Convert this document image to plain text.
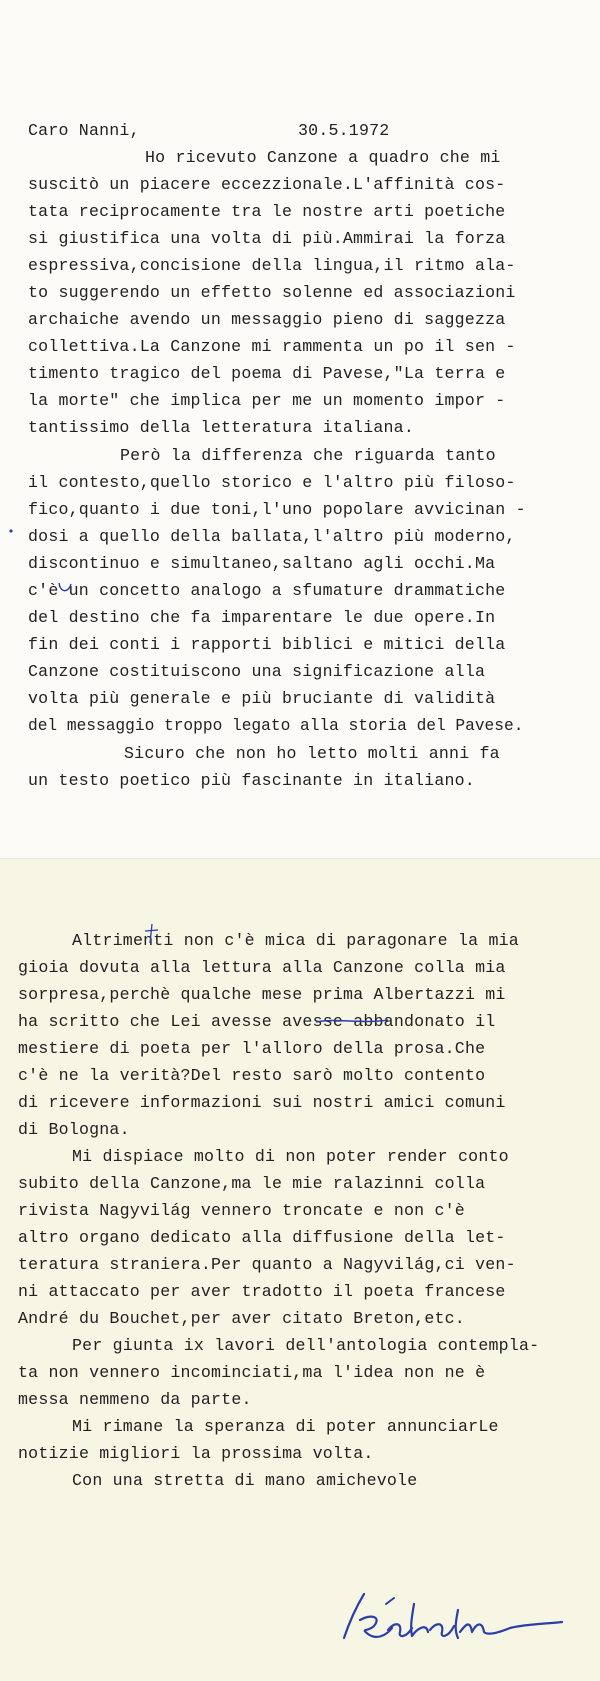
Caro Nanni,	30.5.1972
Ho ricevuto Canzone a quadro che mi
suscitò un piacere eccezzionale.L'affinità cos-
tata reciprocamente tra le nostre arti poetiche
si giustifica una volta di più.Ammirai la forza
espressiva,concisione della lingua,il ritmo ala-
to suggerendo un effetto solenne ed associazioni
archaiche avendo un messaggio pieno di saggezza
collettiva.La Canzone mi rammenta un po il sen -
timento tragico del poema di Pavese,"La terra e
la morte" che implica per me un momento impor -
tantissimo della letteratura italiana.
Però la differenza che riguarda tanto
il contesto,quello storico e l'altro più filoso-
fico,quanto i due toni,l'uno popolare avvicinan -
dosi a quello della ballata,l'altro più moderno,
discontinuo e simultaneo,saltano agli occhi.Ma
c'è un concetto analogo a sfumature drammatiche
del destino che fa imparentare le due opere.In
fin dei conti i rapporti biblici e mitici della
Canzone costituiscono una significazione alla
volta più generale e più bruciante di validità
del messaggio troppo legato alla storia del Pavese.
Sicuro che non ho letto molti anni fa
un testo poetico più fascinante in italiano.
Altrimenti non c'è mica di paragonare la mia
gioia dovuta alla lettura alla Canzone colla mia
sorpresa,perchè qualche mese prima Albertazzi mi
ha scritto che Lei avesse avesse abbandonato il
mestiere di poeta per l'alloro della prosa.Che
c'è ne la verità?Del resto sarò molto contento
di ricevere informazioni sui nostri amici comuni
di Bologna.
Mi dispiace molto di non poter render conto
subito della Canzone,ma le mie ralazinni colla
rivista Nagyvilág vennero troncate e non c'è
altro organo dedicato alla diffusione della let-
teratura straniera.Per quanto a Nagyvilág,ci ven-
ni attaccato per aver tradotto il poeta francese
André du Bouchet,per aver citato Breton,etc.
Per giunta ix lavori dell'antologia contempla-
ta non vennero incominciati,ma l'idea non ne è
messa nemmeno da parte.
Mi rimane la speranza di poter annunciarLe
notizie migliori la prossima volta.
Con una stretta di mano amichevole
